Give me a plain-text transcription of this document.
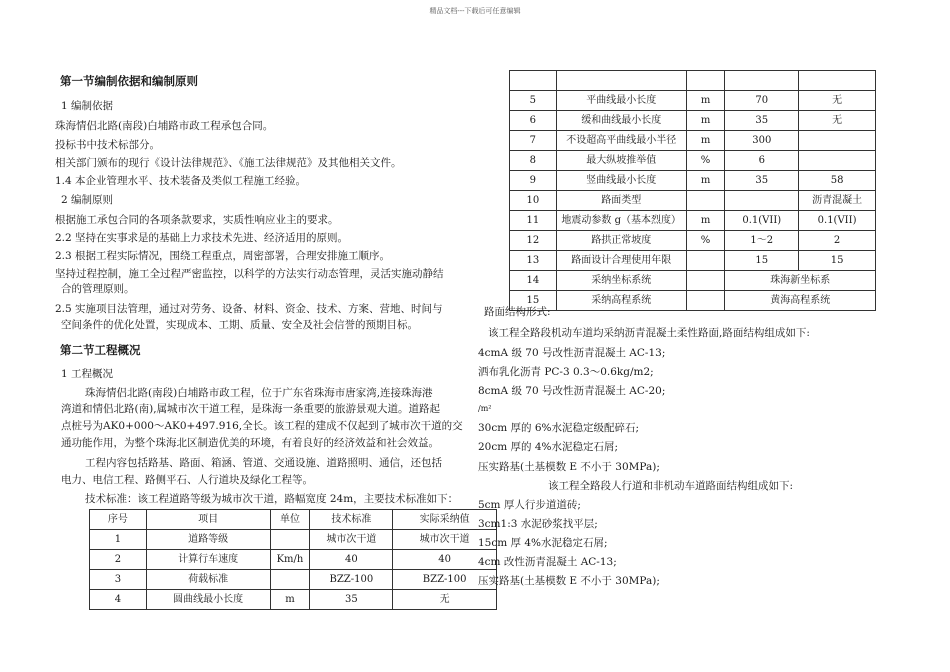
精品文档---下载后可任意编辑
第一节编制依据和编制原则
1 编制依据
珠海情侣北路(南段)白埔路市政工程承包合同。
投标书中技术标部分。
相关部门颁布的现行《设计法律规范》、《施工法律规范》及其他相关文件。
1.4 本企业管理水平、技术装备及类似工程施工经验。
2 编制原则
根据施工承包合同的各项条款要求，实质性响应业主的要求。
2.2 坚持在实事求是的基础上力求技术先进、经济适用的原则。
2.3 根据工程实际情况，围绕工程重点，周密部署，合理安排施工顺序。
坚持过程控制，施工全过程严密监控，以科学的方法实行动态管理，灵活实施动静结
合的管理原则。
2.5 实施项目法管理，通过对劳务、设备、材料、资金、技术、方案、营地、时间与
空间条件的优化处置，实现成本、工期、质量、安全及社会信誉的预期目标。
第二节工程概况
1 工程概况
珠海情侣北路(南段)白埔路市政工程，位于广东省珠海市唐家湾,连接珠海港
湾道和情侣北路(南),属城市次干道工程，是珠海一条重要的旅游景观大道。道路起
点桩号为AK0+000～AK0+497.916,全长。该工程的建成不仅起到了城市次干道的交
通功能作用，为整个珠海北区制造优美的环境，有着良好的经济效益和社会效益。
工程内容包括路基、路面、箱涵、管道、交通设施、道路照明、通信，还包括
电力、电信工程、路侧平石、人行道块及绿化工程等。
技术标准：该工程道路等级为城市次干道，路幅宽度 24m，主要技术标准如下：
序号	项目	单位	技术标准	实际采纳值
1	道路等级		城市次干道	城市次干道
2	计算行车速度	Km/h	40	40
3	荷载标准		BZZ-100	BZZ-100
4	圆曲线最小长度	m	35	无

5	平曲线最小长度	m	70	无
6	缓和曲线最小长度	m	35	无
7	不设超高平曲线最小半径	m	300	
8	最大纵坡推举值	%	6	
9	竖曲线最小长度	m	35	58
10	路面类型			沥青混凝土
11	地震动参数 g（基本烈度）	m	0.1(VII)	0.1(VII)
12	路拱正常坡度	%	1～2	2
13	路面设计合理使用年限		15	15
14	采纳坐标系统		珠海新坐标系	
15	采纳高程系统		黄海高程系统	
路面结构形式:
该工程全路段机动车道均采纳沥青混凝土柔性路面,路面结构组成如下:
4cmA 级 70 号改性沥青混凝土 AC-13;
洒布乳化沥青 PC-3 0.3～0.6kg/m2;
8cmA 级 70 号改性沥青混凝土 AC-20;
/m²
30cm 厚的 6%水泥稳定级配碎石;
20cm 厚的 4%水泥稳定石屑;
压实路基(土基模数 E 不小于 30MPa);
该工程全路段人行道和非机动车道路面结构组成如下:
5cm 厚人行步道道砖;
3cm1:3 水泥砂浆找平层;
15cm 厚 4%水泥稳定石屑;
4cm 改性沥青混凝土 AC-13;
压实路基(土基模数 E 不小于 30MPa);
